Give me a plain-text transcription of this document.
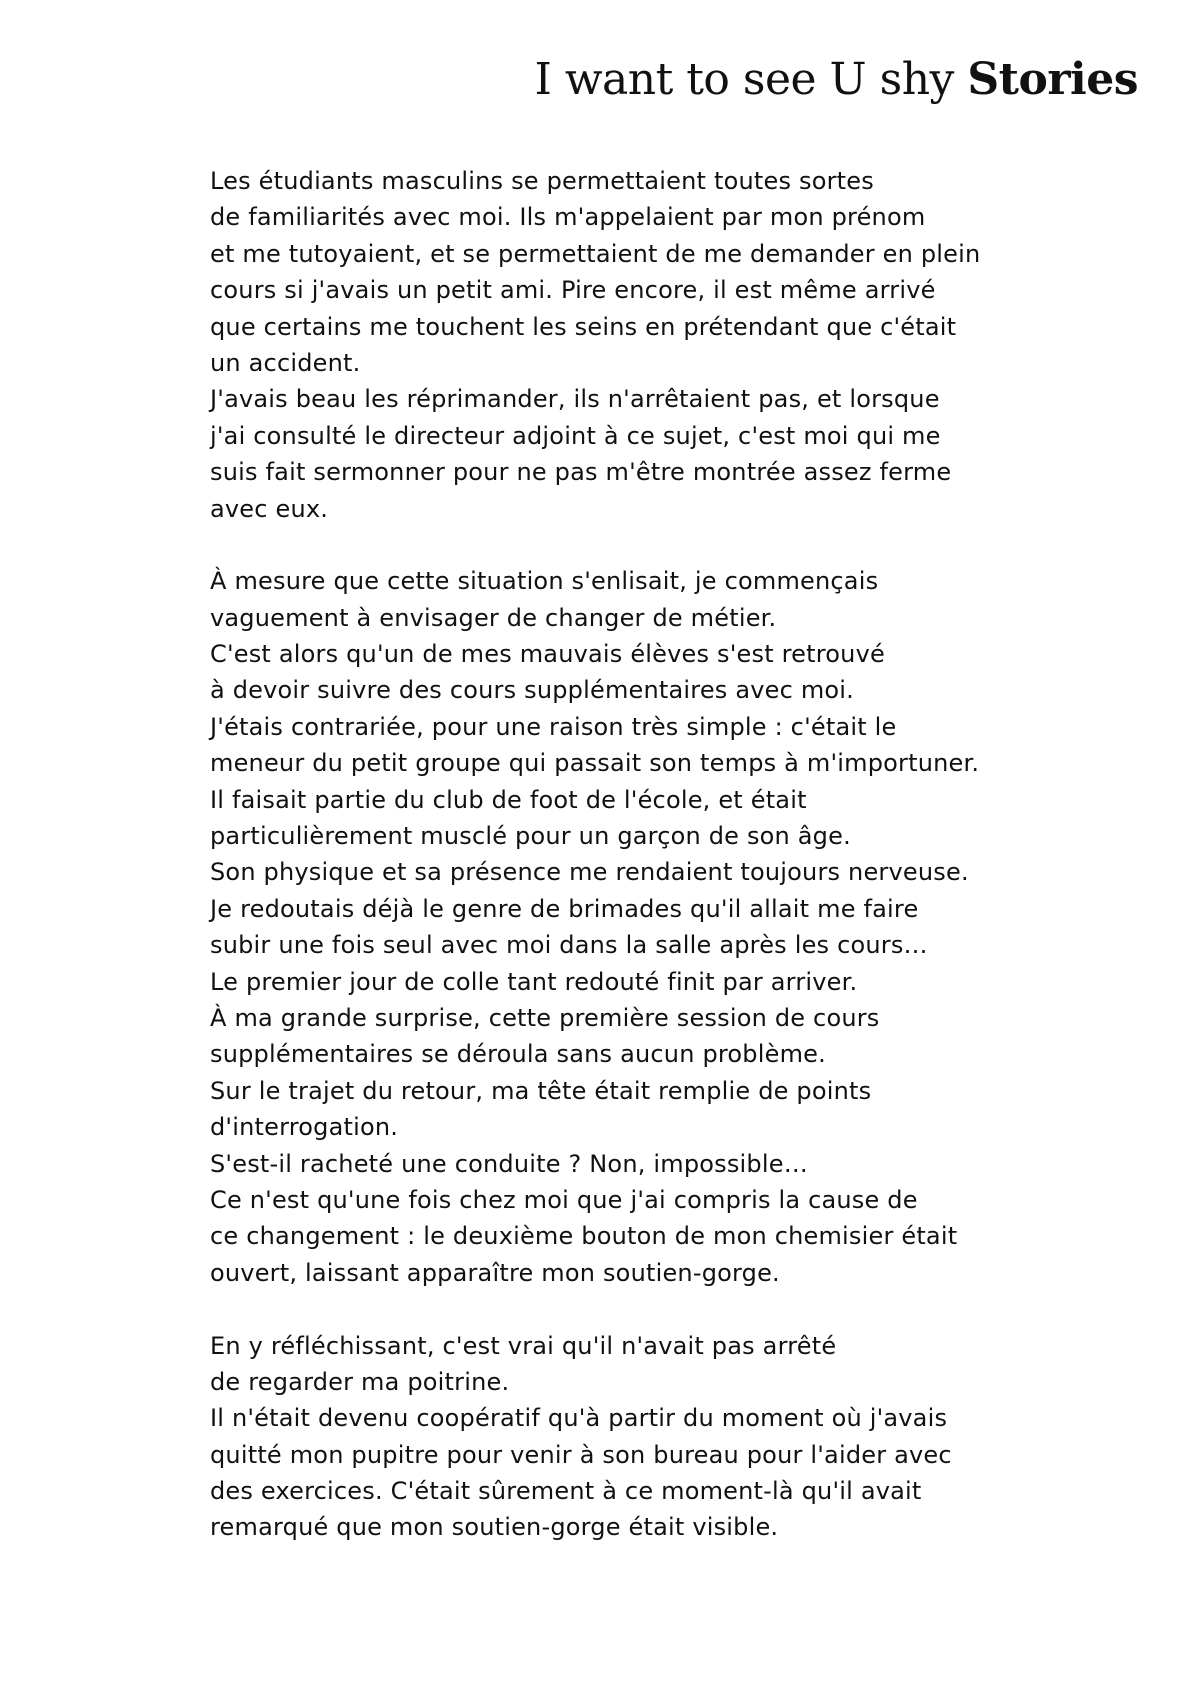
I want to see U shy Stories
Les étudiants masculins se permettaient toutes sortes
de familiarités avec moi. Ils m'appelaient par mon prénom
et me tutoyaient, et se permettaient de me demander en plein
cours si j'avais un petit ami. Pire encore, il est même arrivé
que certains me touchent les seins en prétendant que c'était
un accident.
J'avais beau les réprimander, ils n'arrêtaient pas, et lorsque
j'ai consulté le directeur adjoint à ce sujet, c'est moi qui me
suis fait sermonner pour ne pas m'être montrée assez ferme
avec eux.
À mesure que cette situation s'enlisait, je commençais
vaguement à envisager de changer de métier.
C'est alors qu'un de mes mauvais élèves s'est retrouvé
à devoir suivre des cours supplémentaires avec moi.
J'étais contrariée, pour une raison très simple : c'était le
meneur du petit groupe qui passait son temps à m'importuner.
Il faisait partie du club de foot de l'école, et était
particulièrement musclé pour un garçon de son âge.
Son physique et sa présence me rendaient toujours nerveuse.
Je redoutais déjà le genre de brimades qu'il allait me faire
subir une fois seul avec moi dans la salle après les cours…
Le premier jour de colle tant redouté finit par arriver.
À ma grande surprise, cette première session de cours
supplémentaires se déroula sans aucun problème.
Sur le trajet du retour, ma tête était remplie de points
d'interrogation.
S'est-il racheté une conduite ? Non, impossible…
Ce n'est qu'une fois chez moi que j'ai compris la cause de
ce changement : le deuxième bouton de mon chemisier était
ouvert, laissant apparaître mon soutien-gorge.
En y réfléchissant, c'est vrai qu'il n'avait pas arrêté
de regarder ma poitrine.
Il n'était devenu coopératif qu'à partir du moment où j'avais
quitté mon pupitre pour venir à son bureau pour l'aider avec
des exercices. C'était sûrement à ce moment-là qu'il avait
remarqué que mon soutien-gorge était visible.
